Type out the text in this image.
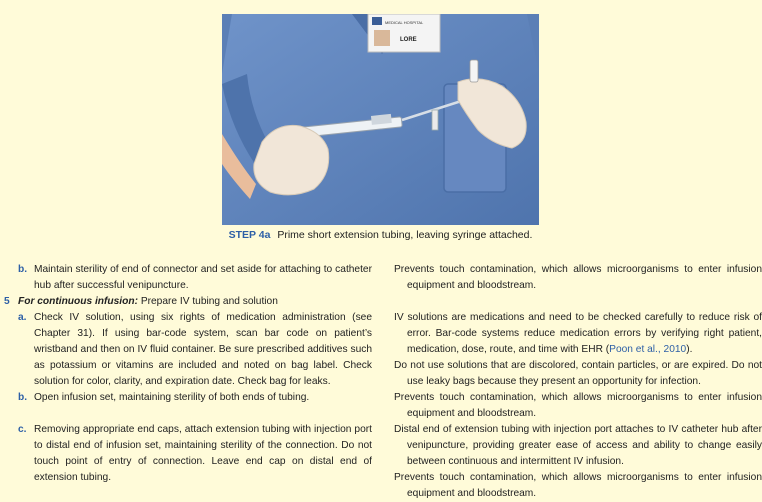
MEDICAL HOSPITAL
LORE
STEP 4a Prime short extension tubing, leaving syringe attached.
b. Maintain sterility of end of connector and set aside for attaching to catheter hub after successful venipuncture.
5 For continuous infusion: Prepare IV tubing and solution
a. Check IV solution, using six rights of medication administration (see Chapter 31). If using bar-code system, scan bar code on patient’s wristband and then on IV fluid container. Be sure prescribed additives such as potassium or vitamins are included and noted on bag label. Check solution for color, clarity, and expiration date. Check bag for leaks.
b. Open infusion set, maintaining sterility of both ends of tubing.
c. Removing appropriate end caps, attach extension tubing with injection port to distal end of infusion set, maintaining sterility of the connection. Do not touch point of entry of connection. Leave end cap on distal end of extension tubing.
Prevents touch contamination, which allows microorganisms to enter infusion equipment and bloodstream.
IV solutions are medications and need to be checked carefully to reduce risk of error. Bar-code systems reduce medication errors by verifying right patient, medication, dose, route, and time with EHR (Poon et al., 2010).
Do not use solutions that are discolored, contain particles, or are expired. Do not use leaky bags because they present an opportunity for infection.
Prevents touch contamination, which allows microorganisms to enter infusion equipment and bloodstream.
Distal end of extension tubing with injection port attaches to IV catheter hub after venipuncture, providing greater ease of access and ability to change easily between continuous and intermittent IV infusion.
Prevents touch contamination, which allows microorganisms to enter infusion equipment and bloodstream.
